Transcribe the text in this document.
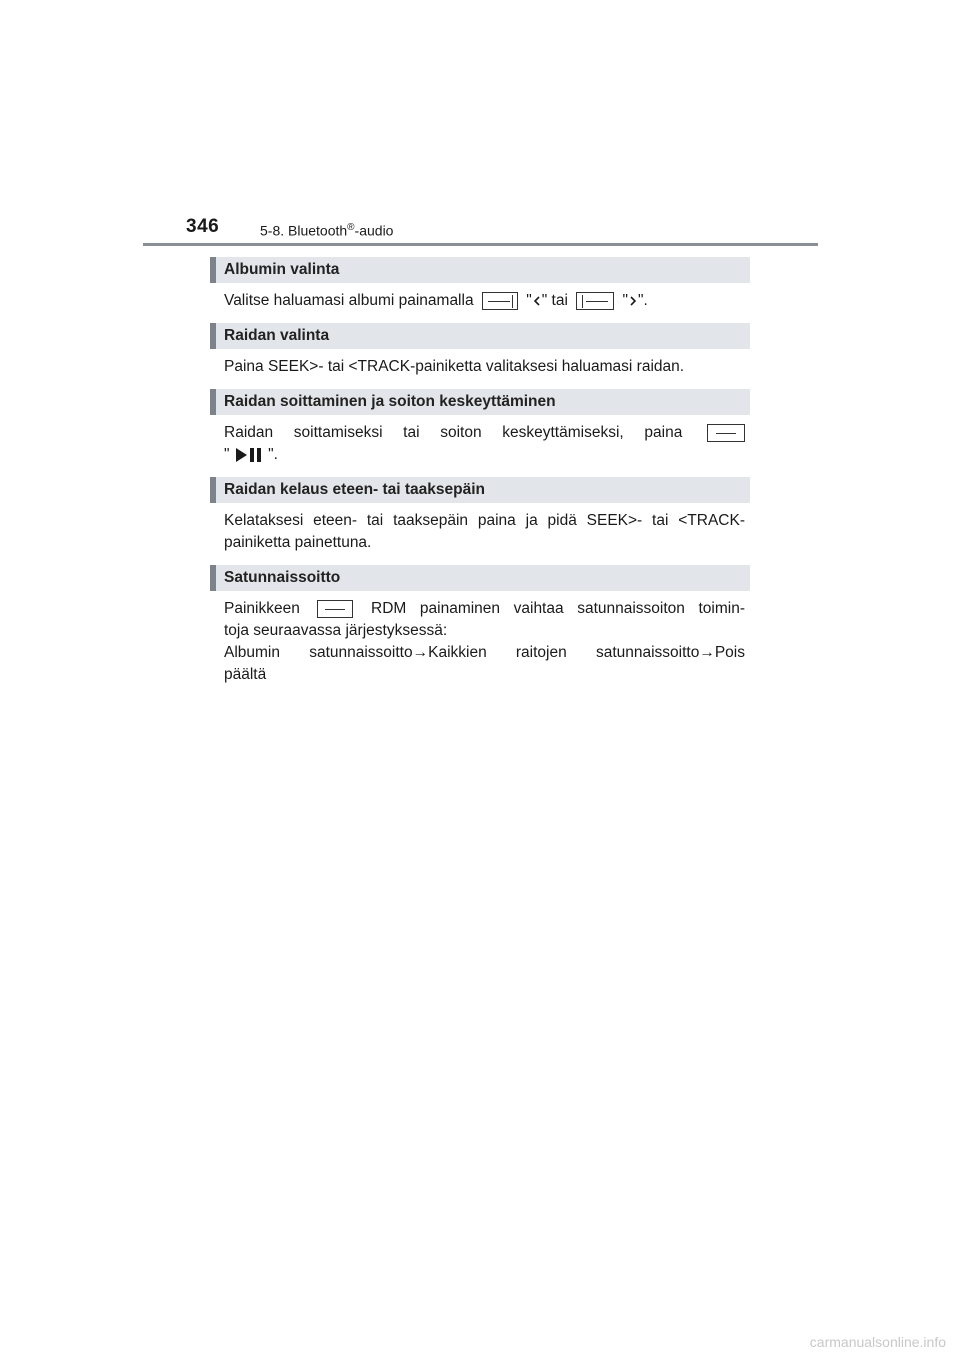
346	5-8. Bluetooth®-audio
Albumin valinta
Valitse haluamasi albumi painamalla	" " tai	" ".
Raidan valinta
Paina SEEK>- tai <TRACK-painiketta valitaksesi haluamasi raidan.
Raidan soittaminen ja soiton keskeyttäminen
Raidan soittamiseksi tai soiton keskeyttämiseksi, paina
" ".
Raidan kelaus eteen- tai taaksepäin
Kelataksesi eteen- tai taaksepäin paina ja pidä SEEK>- tai <TRACK-
painiketta painettuna.
Satunnaissoitto
Painikkeen	RDM painaminen vaihtaa satunnaissoiton toimin-
toja seuraavassa järjestyksessä:
Albumin satunnaissoitto→Kaikkien raitojen satunnaissoitto→Pois
päältä
carmanualsonline.info
